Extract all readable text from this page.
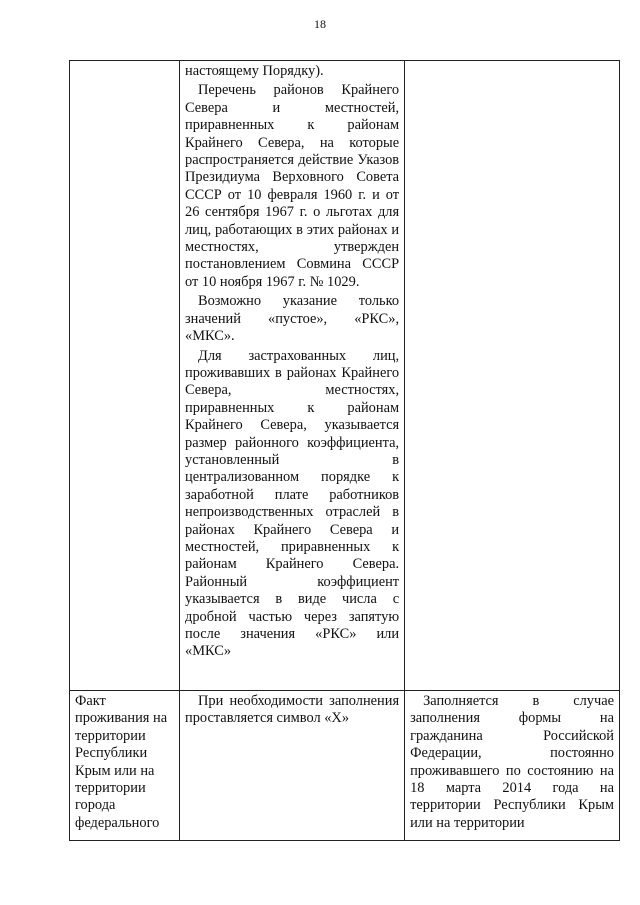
18

	настоящему Порядку).
Перечень районов Крайнего Севера и местностей, приравненных к районам Крайнего Севера, на которые распространяется действие Указов Президиума Верховного Совета СССР от 10 февраля 1960 г. и от 26 сентября 1967 г. о льготах для лиц, работающих в этих районах и местностях, утвержден постановлением Совмина СССР от 10 ноября 1967 г. № 1029.
Возможно указание только значений «пустое», «РКС», «МКС».
Для застрахованных лиц, проживавших в районах Крайнего Севера, местностях, приравненных к районам Крайнего Севера, указывается размер районного коэффициента, установленный в централизованном порядке к заработной плате работников непроизводственных отраслей в районах Крайнего Севера и местностей, приравненных к районам Крайнего Севера. Районный коэффициент указывается в виде числа с дробной частью через запятую после значения «РКС» или «МКС»	

Факт проживания на территории Республики Крым или на территории города федерального	При необходимости заполнения проставляется символ «Х»	Заполняется в случае заполнения формы на гражданина Российской Федерации, постоянно проживавшего по состоянию на 18 марта 2014 года на территории Республики Крым или на территории
